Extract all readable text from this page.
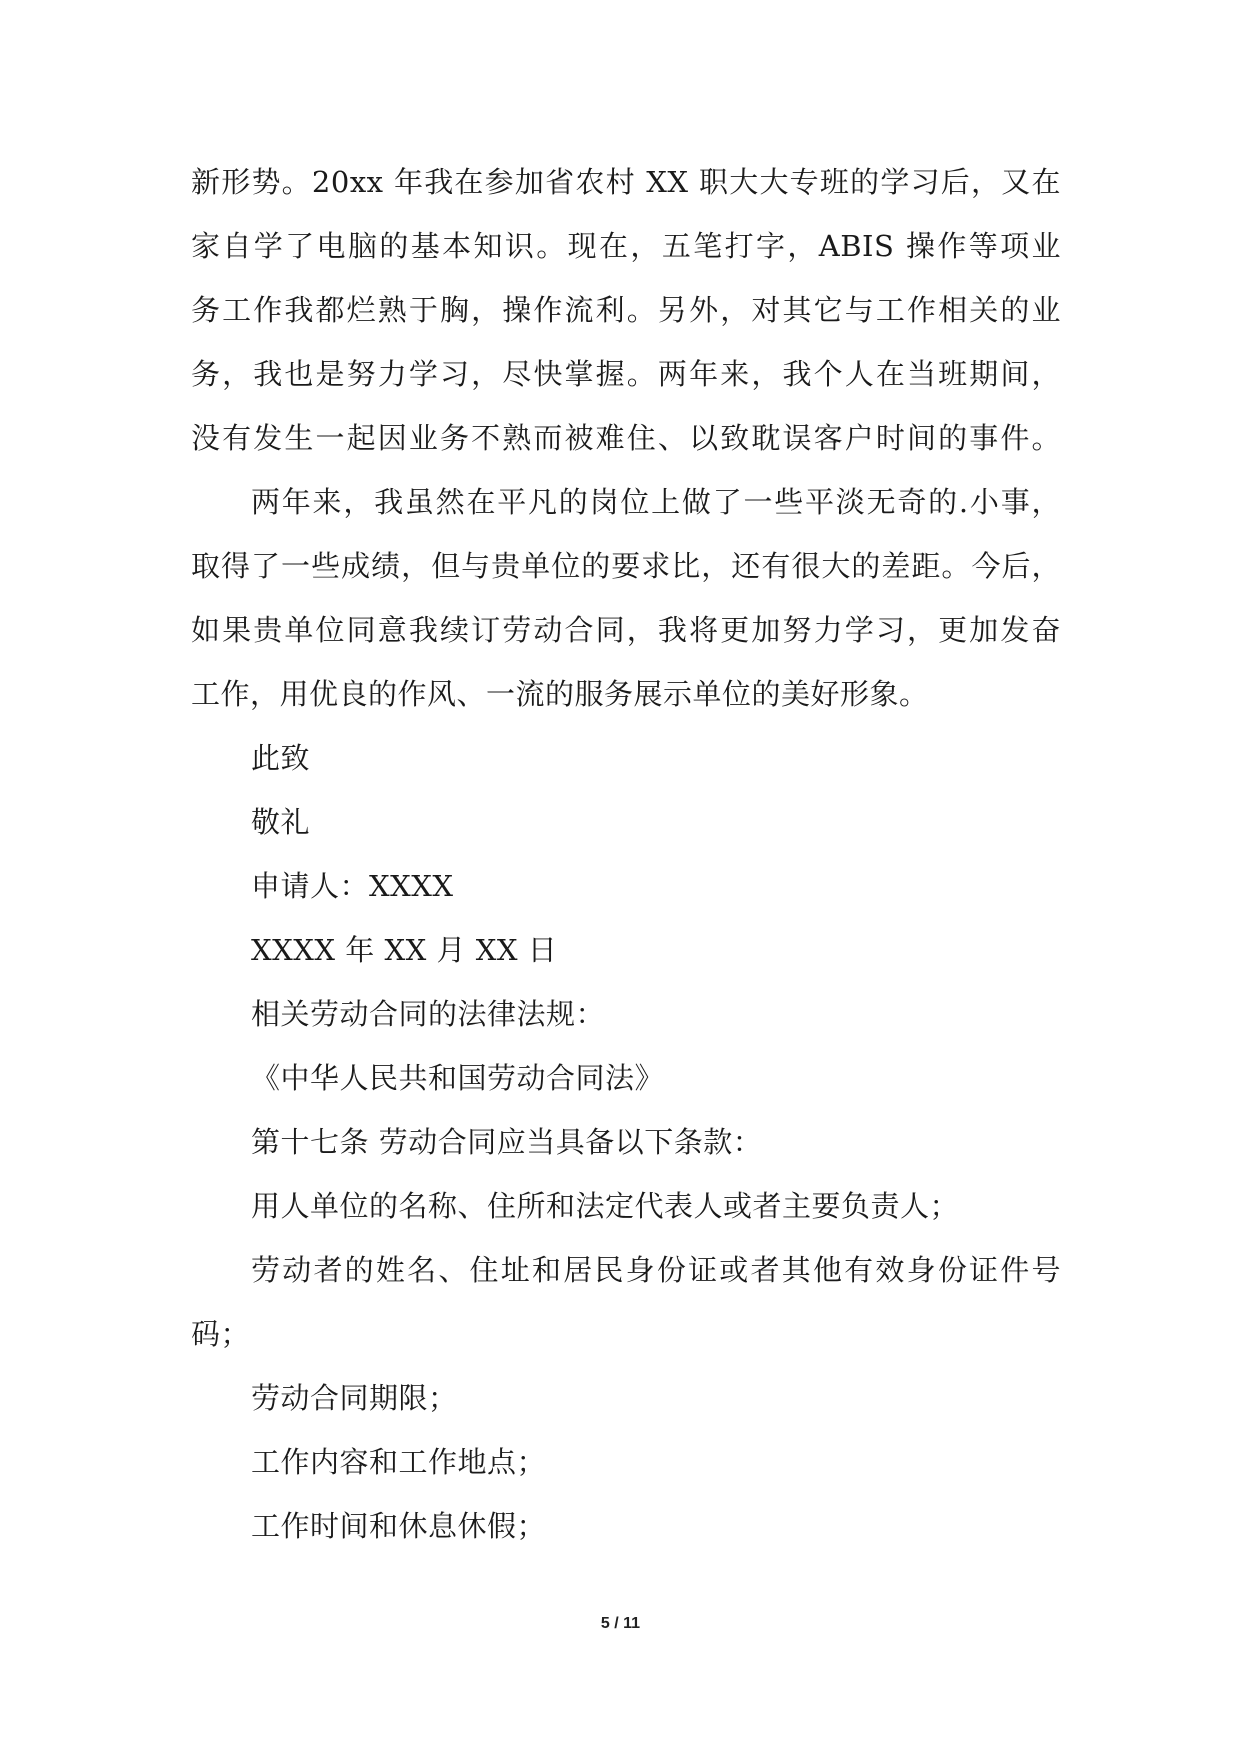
新形势。20xx 年我在参加省农村 XX 职大大专班的学习后，又在
家自学了电脑的基本知识。现在，五笔打字，ABIS 操作等项业
务工作我都烂熟于胸，操作流利。另外，对其它与工作相关的业
务，我也是努力学习，尽快掌握。两年来，我个人在当班期间，
没有发生一起因业务不熟而被难住、以致耽误客户时间的事件。
两年来，我虽然在平凡的岗位上做了一些平淡无奇的.小事，
取得了一些成绩，但与贵单位的要求比，还有很大的差距。今后，
如果贵单位同意我续订劳动合同，我将更加努力学习，更加发奋
工作，用优良的作风、一流的服务展示单位的美好形象。
此致
敬礼
申请人：XXXX
XXXX 年 XX 月 XX 日
相关劳动合同的法律法规：
《中华人民共和国劳动合同法》
第十七条 劳动合同应当具备以下条款：
用人单位的名称、住所和法定代表人或者主要负责人；
劳动者的姓名、住址和居民身份证或者其他有效身份证件号
码；
劳动合同期限；
工作内容和工作地点；
工作时间和休息休假；
5 / 11
